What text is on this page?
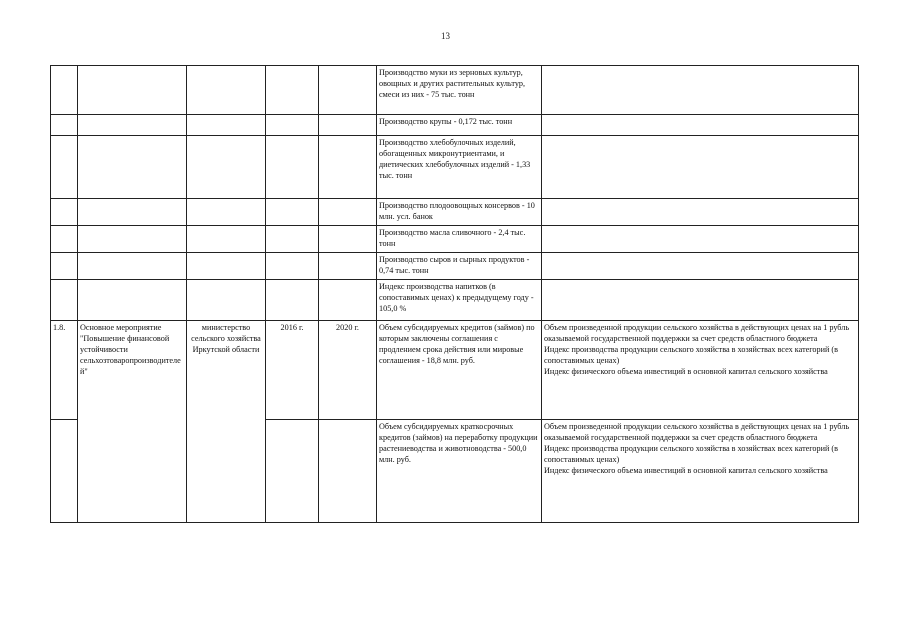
13
					Производство муки из зерновых культур, овощных и других растительных культур, смеси из них - 75 тыс. тонн	
					Производство крупы - 0,172 тыс. тонн	
					Производство хлебобулочных изделий, обогащенных микронутриентами, и диетических хлебобулочных изделий - 1,33 тыс. тонн	
					Производство плодоовощных консервов - 10 млн. усл. банок	
					Производство масла сливочного - 2,4 тыс. тонн	
					Производство сыров и сырных продуктов - 0,74 тыс. тонн	
					Индекс производства напитков (в сопоставимых ценах) к предыдущему году - 105,0 %	
1.8.	Основное мероприятие "Повышение финансовой устойчивости сельхозтоваропроизводителей"	министерство сельского хозяйства Иркутской области	2016 г.	2020 г.	Объем субсидируемых кредитов (займов) по которым заключены соглашения с продлением срока действия или мировые соглашения - 18,8 млн. руб.	Объем произведенной продукции сельского хозяйства в действующих ценах на 1 рубль оказываемой государственной поддержки за счет средств областного бюджета
Индекс производства продукции сельского хозяйства в хозяйствах всех категорий (в сопоставимых ценах)
Индекс физического объема инвестиций в основной капитал сельского хозяйства

					Объем субсидируемых краткосрочных кредитов (займов) на переработку продукции растениеводства и животноводства - 500,0 млн. руб.	Объем произведенной продукции сельского хозяйства в действующих ценах на 1 рубль оказываемой государственной поддержки за счет средств областного бюджета
Индекс производства продукции сельского хозяйства в хозяйствах всех категорий (в сопоставимых ценах)
Индекс физического объема инвестиций в основной капитал сельского хозяйства
